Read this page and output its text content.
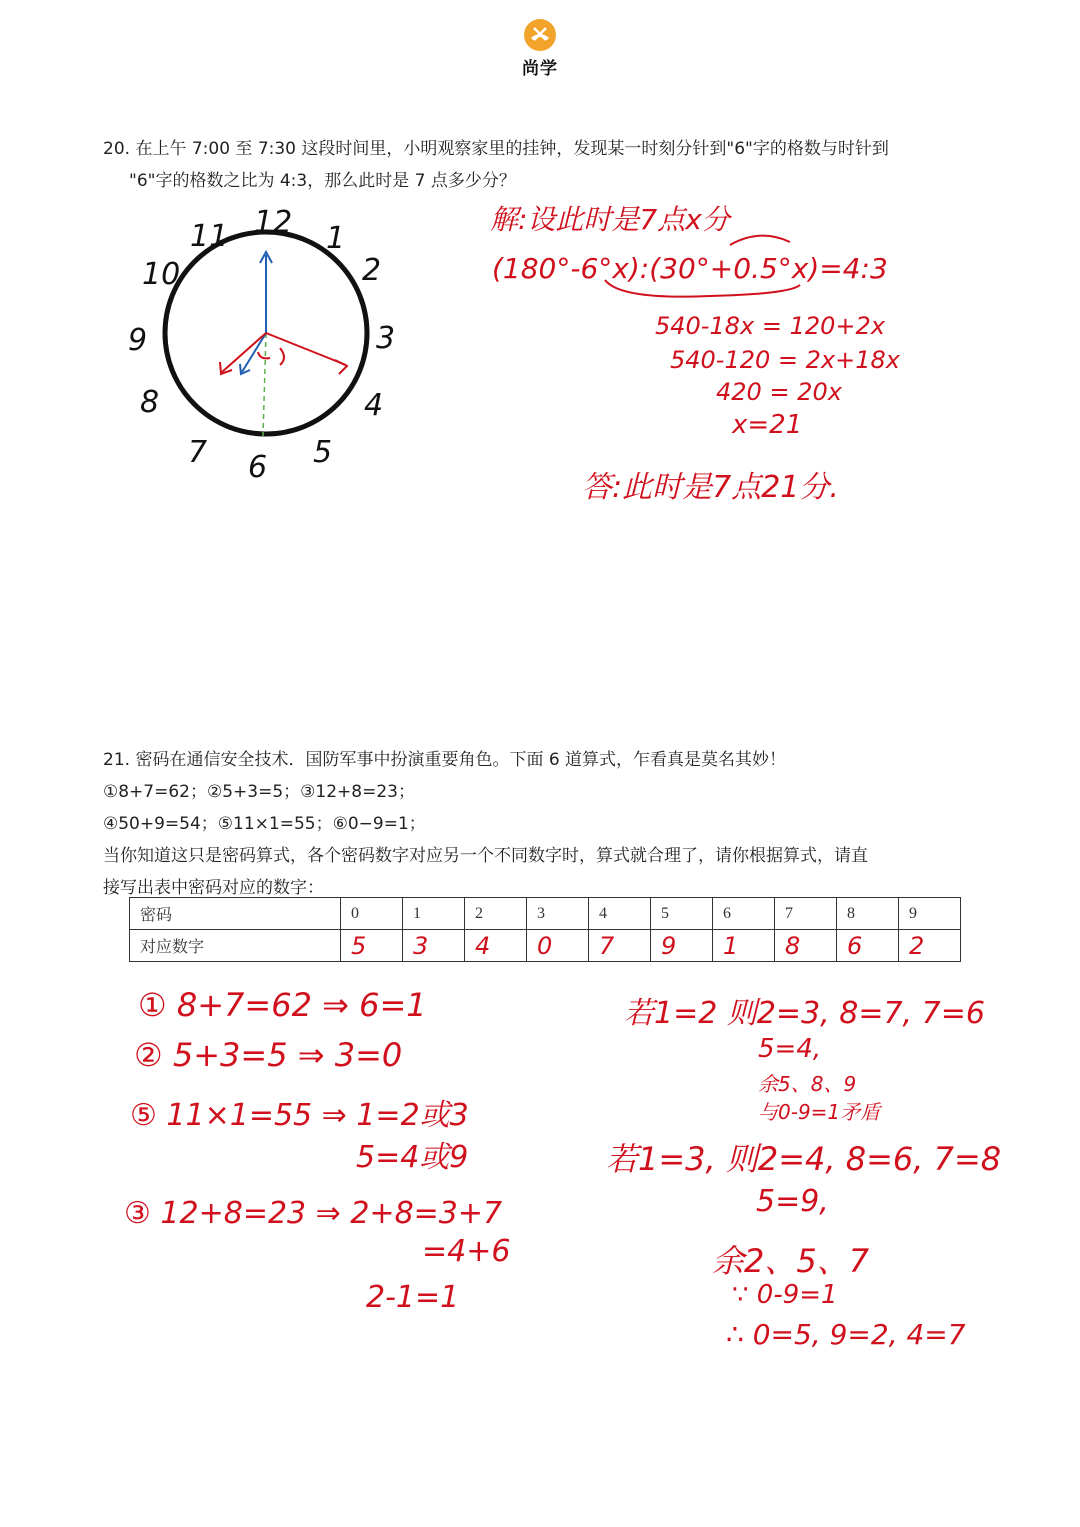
尚学
20. 在上午 7:00 至 7:30 这段时间里，小明观察家里的挂钟，发现某一时刻分针到"6"字的格数与时针到
"6"字的格数之比为 4:3，那么此时是 7 点多少分？
12 1
2
3
4
5
6
7
8
9
10
11	解:设此时是7点x分
(180°-6°x):(30°+0.5°x)=4:3
540-18x = 120+2x
540-120 = 2x+18x
420 = 20x
x=21
答:此时是7点21分.
21. 密码在通信安全技术．国防军事中扮演重要角色。下面 6 道算式，乍看真是莫名其妙！
①8+7=62；②5+3=5；③12+8=23；
④50+9=54；⑤11×1=55；⑥0−9=1；
当你知道这只是密码算式，各个密码数字对应另一个不同数字时，算式就合理了，请你根据算式，请直
接写出表中密码对应的数字：
密码	0	1	2	3	4	5	6	7	8	9
对应数字	5	3	4	0	7	9	1	8	6	2
① 8+7=62 ⇒ 6=1
② 5+3=5 ⇒ 3=0
⑤ 11×1=55 ⇒ 1=2或3
5=4或9
③ 12+8=23 ⇒ 2+8=3+7
=4+6
2-1=1
若1=2 则2=3, 8=7, 7=6
5=4,
余5、8、9
与0-9=1矛盾
若1=3, 则2=4, 8=6, 7=8
5=9,
余2、5、7
∵ 0-9=1
∴ 0=5, 9=2, 4=7
